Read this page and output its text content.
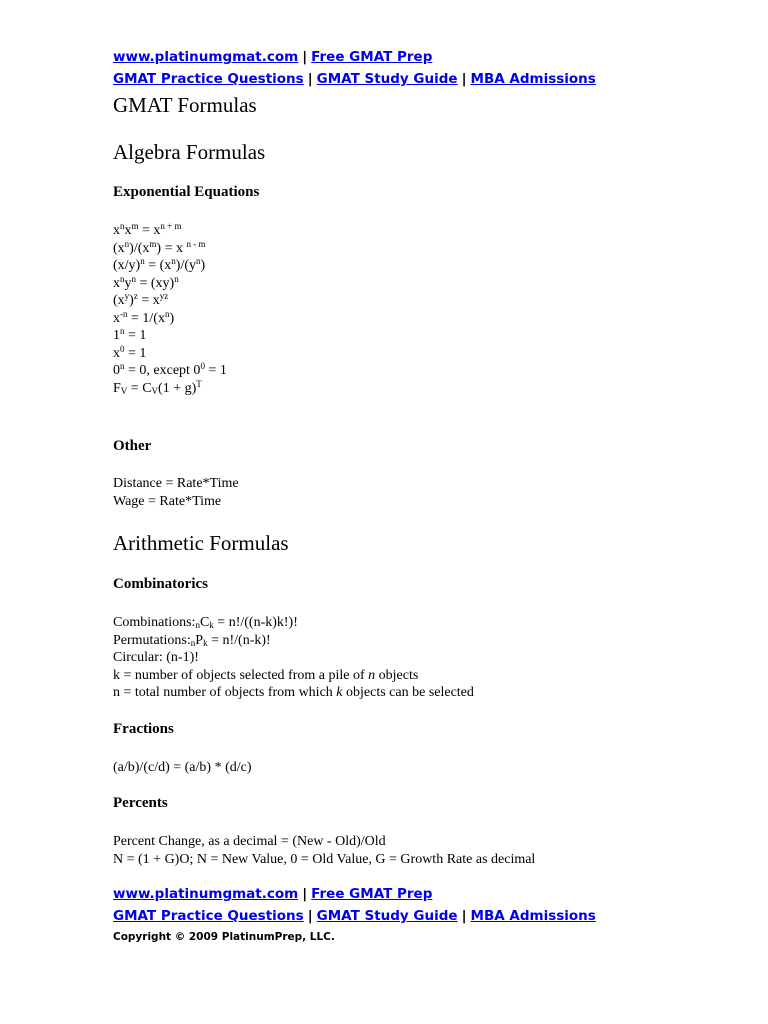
www.platinumgmat.com | Free GMAT Prep
GMAT Practice Questions | GMAT Study Guide | MBA Admissions
GMAT Formulas
Algebra Formulas
Exponential Equations
$x^nx^m = x^{n + m}$
$(x^n)/(x^m) = x$ $^{n - m}$
$(x/y)^n = (x^n)/(y^n)$
$x^ny^n = (xy)^n$
$(x^y)^z = x^{yz}$
$x^{-n} = 1/(x^n)$
$1^n = 1$
$x^0 = 1$
$0^n = 0$, except $0^0 = 1$
$F_V = C_V(1 + g)^T$
Other
Distance = Rate*Time
Wage = Rate*Time
Arithmetic Formulas
Combinatorics
$Combinations:_nC_k = n!/((n-k)k!)$!
$Permutations:_nP_k = n!/(n-k)$!
Circular: (n-1)!
k = number of objects selected from a pile of n objects
n = total number of objects from which k objects can be selected
Fractions
(a/b)/(c/d) = (a/b) * (d/c)
Percents
Percent Change, as a decimal = (New - Old)/Old
N = (1 + G)O; N = New Value, 0 = Old Value, G = Growth Rate as decimal
www.platinumgmat.com | Free GMAT Prep
GMAT Practice Questions | GMAT Study Guide | MBA Admissions
Copyright © 2009 PlatinumPrep, LLC.
